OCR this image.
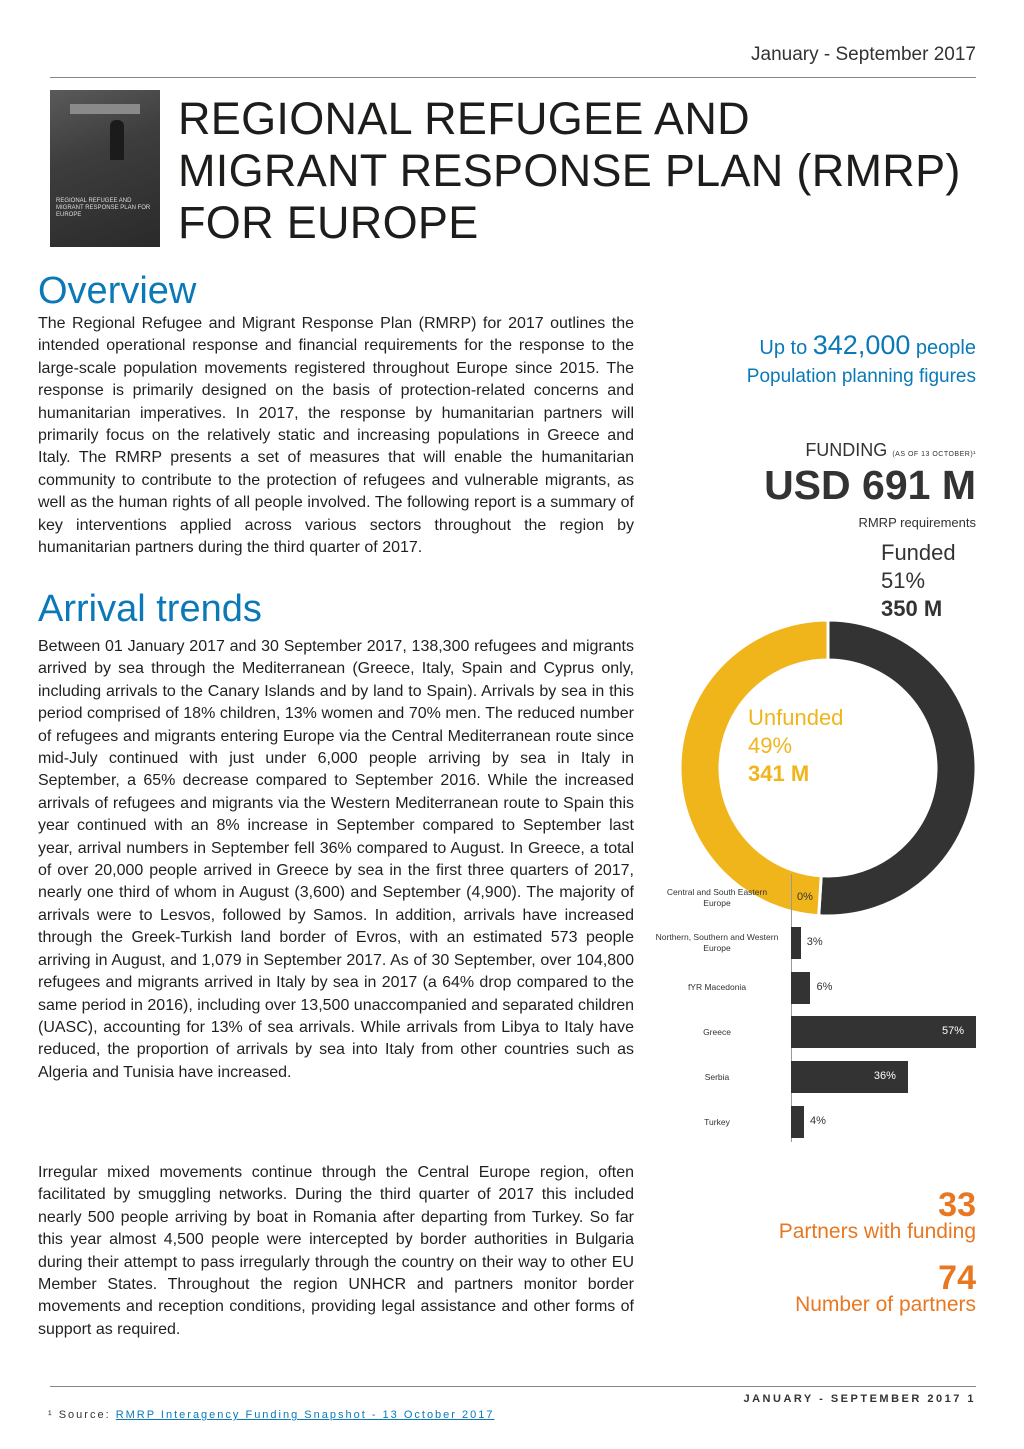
January - September 2017
REGIONAL REFUGEE AND MIGRANT RESPONSE PLAN FOR EUROPE
REGIONAL REFUGEE AND
MIGRANT RESPONSE PLAN (RMRP)
FOR EUROPE
Overview

The Regional Refugee and Migrant Response Plan (RMRP) for 2017 outlines the intended operational response and financial requirements for the response to the large-scale population movements registered throughout Europe since 2015. The response is primarily designed on the basis of protection-related concerns and humanitarian imperatives. In 2017, the response by humanitarian partners will primarily focus on the relatively static and increasing populations in Greece and Italy. The RMRP presents a set of measures that will enable the humanitarian community to contribute to the protection of refugees and vulnerable migrants, as well as the human rights of all people involved. The following report is a summary of key interventions applied across various sectors throughout the region by humanitarian partners during the third quarter of 2017.

Arrival trends

Between 01 January 2017 and 30 September 2017, 138,300 refugees and migrants arrived by sea through the Mediterranean (Greece, Italy, Spain and Cyprus only, including arrivals to the Canary Islands and by land to Spain). Arrivals by sea in this period comprised of 18% children, 13% women and 70% men. The reduced number of refugees and migrants entering Europe via the Central Mediterranean route since mid-July continued with just under 6,000 people arriving by sea in Italy in September, a 65% decrease compared to September 2016. While the increased arrivals of refugees and migrants via the Western Mediterranean route to Spain this year continued with an 8% increase in September compared to September last year, arrival numbers in September fell 36% compared to August. In Greece, a total of over 20,000 people arrived in Greece by sea in the first three quarters of 2017, nearly one third of whom in August (3,600) and September (4,900). The majority of arrivals were to Lesvos, followed by Samos. In addition, arrivals have increased through the Greek-Turkish land border of Evros, with an estimated 573 people arriving in August, and 1,079 in September 2017. As of 30 September, over 104,800 refugees and migrants arrived in Italy by sea in 2017 (a 64% drop compared to the same period in 2016), including over 13,500 unaccompanied and separated children (UASC), accounting for 13% of sea arrivals. While arrivals from Libya to Italy have reduced, the proportion of arrivals by sea into Italy from other countries such as Algeria and Tunisia have increased.

Irregular mixed movements continue through the Central Europe region, often facilitated by smuggling networks. During the third quarter of 2017 this included nearly 500 people arriving by boat in Romania after departing from Turkey. So far this year almost 4,500 people were intercepted by border authorities in Bulgaria during their attempt to pass irregularly through the country on their way to other EU Member States. Throughout the region UNHCR and partners monitor border movements and reception conditions, providing legal assistance and other forms of support as required.

Up to 342,000 people
Population planning figures
FUNDING (AS OF 13 OCTOBER)¹
USD 691 M
RMRP requirements
Funded
51%
350 M
Unfunded
49%
341 M
Central and South Eastern Europe	0%
Northern, Southern and Western Europe	3%
fYR Macedonia	6%
Greece	57%
Serbia	36%
Turkey	4%
33
Partners with funding
74
Number of partners
JANUARY - SEPTEMBER 2017 1
¹ Source: RMRP Interagency Funding Snapshot - 13 October 2017
